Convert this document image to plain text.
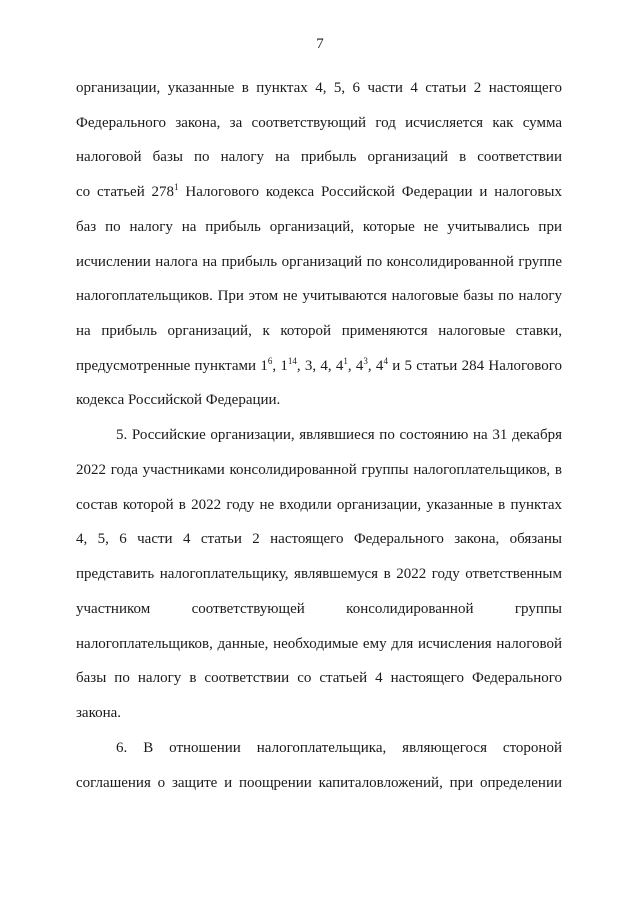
7
организации, указанные в пунктах 4, 5, 6 части 4 статьи 2 настоящего
Федерального закона, за соответствующий год исчисляется как сумма
налоговой базы по налогу на прибыль организаций в соответствии
со статьей $278^1$ Налогового кодекса Российской Федерации и налоговых
баз по налогу на прибыль организаций, которые не учитывались при
исчислении налога на прибыль организаций по консолидированной группе
налогоплательщиков. При этом не учитываются налоговые базы по налогу
на прибыль организаций, к которой применяются налоговые ставки,
предусмотренные пунктами $1^6$, $1^{14}$, 3, 4, $4^1$, $4^3$, $4^4$ и 5 статьи 284 Налогового
кодекса Российской Федерации.
5. Российские организации, являвшиеся по состоянию на 31 декабря
2022 года участниками консолидированной группы налогоплательщиков, в
состав которой в 2022 году не входили организации, указанные в пунктах
4, 5, 6 части 4 статьи 2 настоящего Федерального закона, обязаны
представить налогоплательщику, являвшемуся в 2022 году ответственным
участником соответствующей консолидированной группы
налогоплательщиков, данные, необходимые ему для исчисления налоговой
базы по налогу в соответствии со статьей 4 настоящего Федерального
закона.
6. В отношении налогоплательщика, являющегося стороной
соглашения о защите и поощрении капиталовложений, при определении
